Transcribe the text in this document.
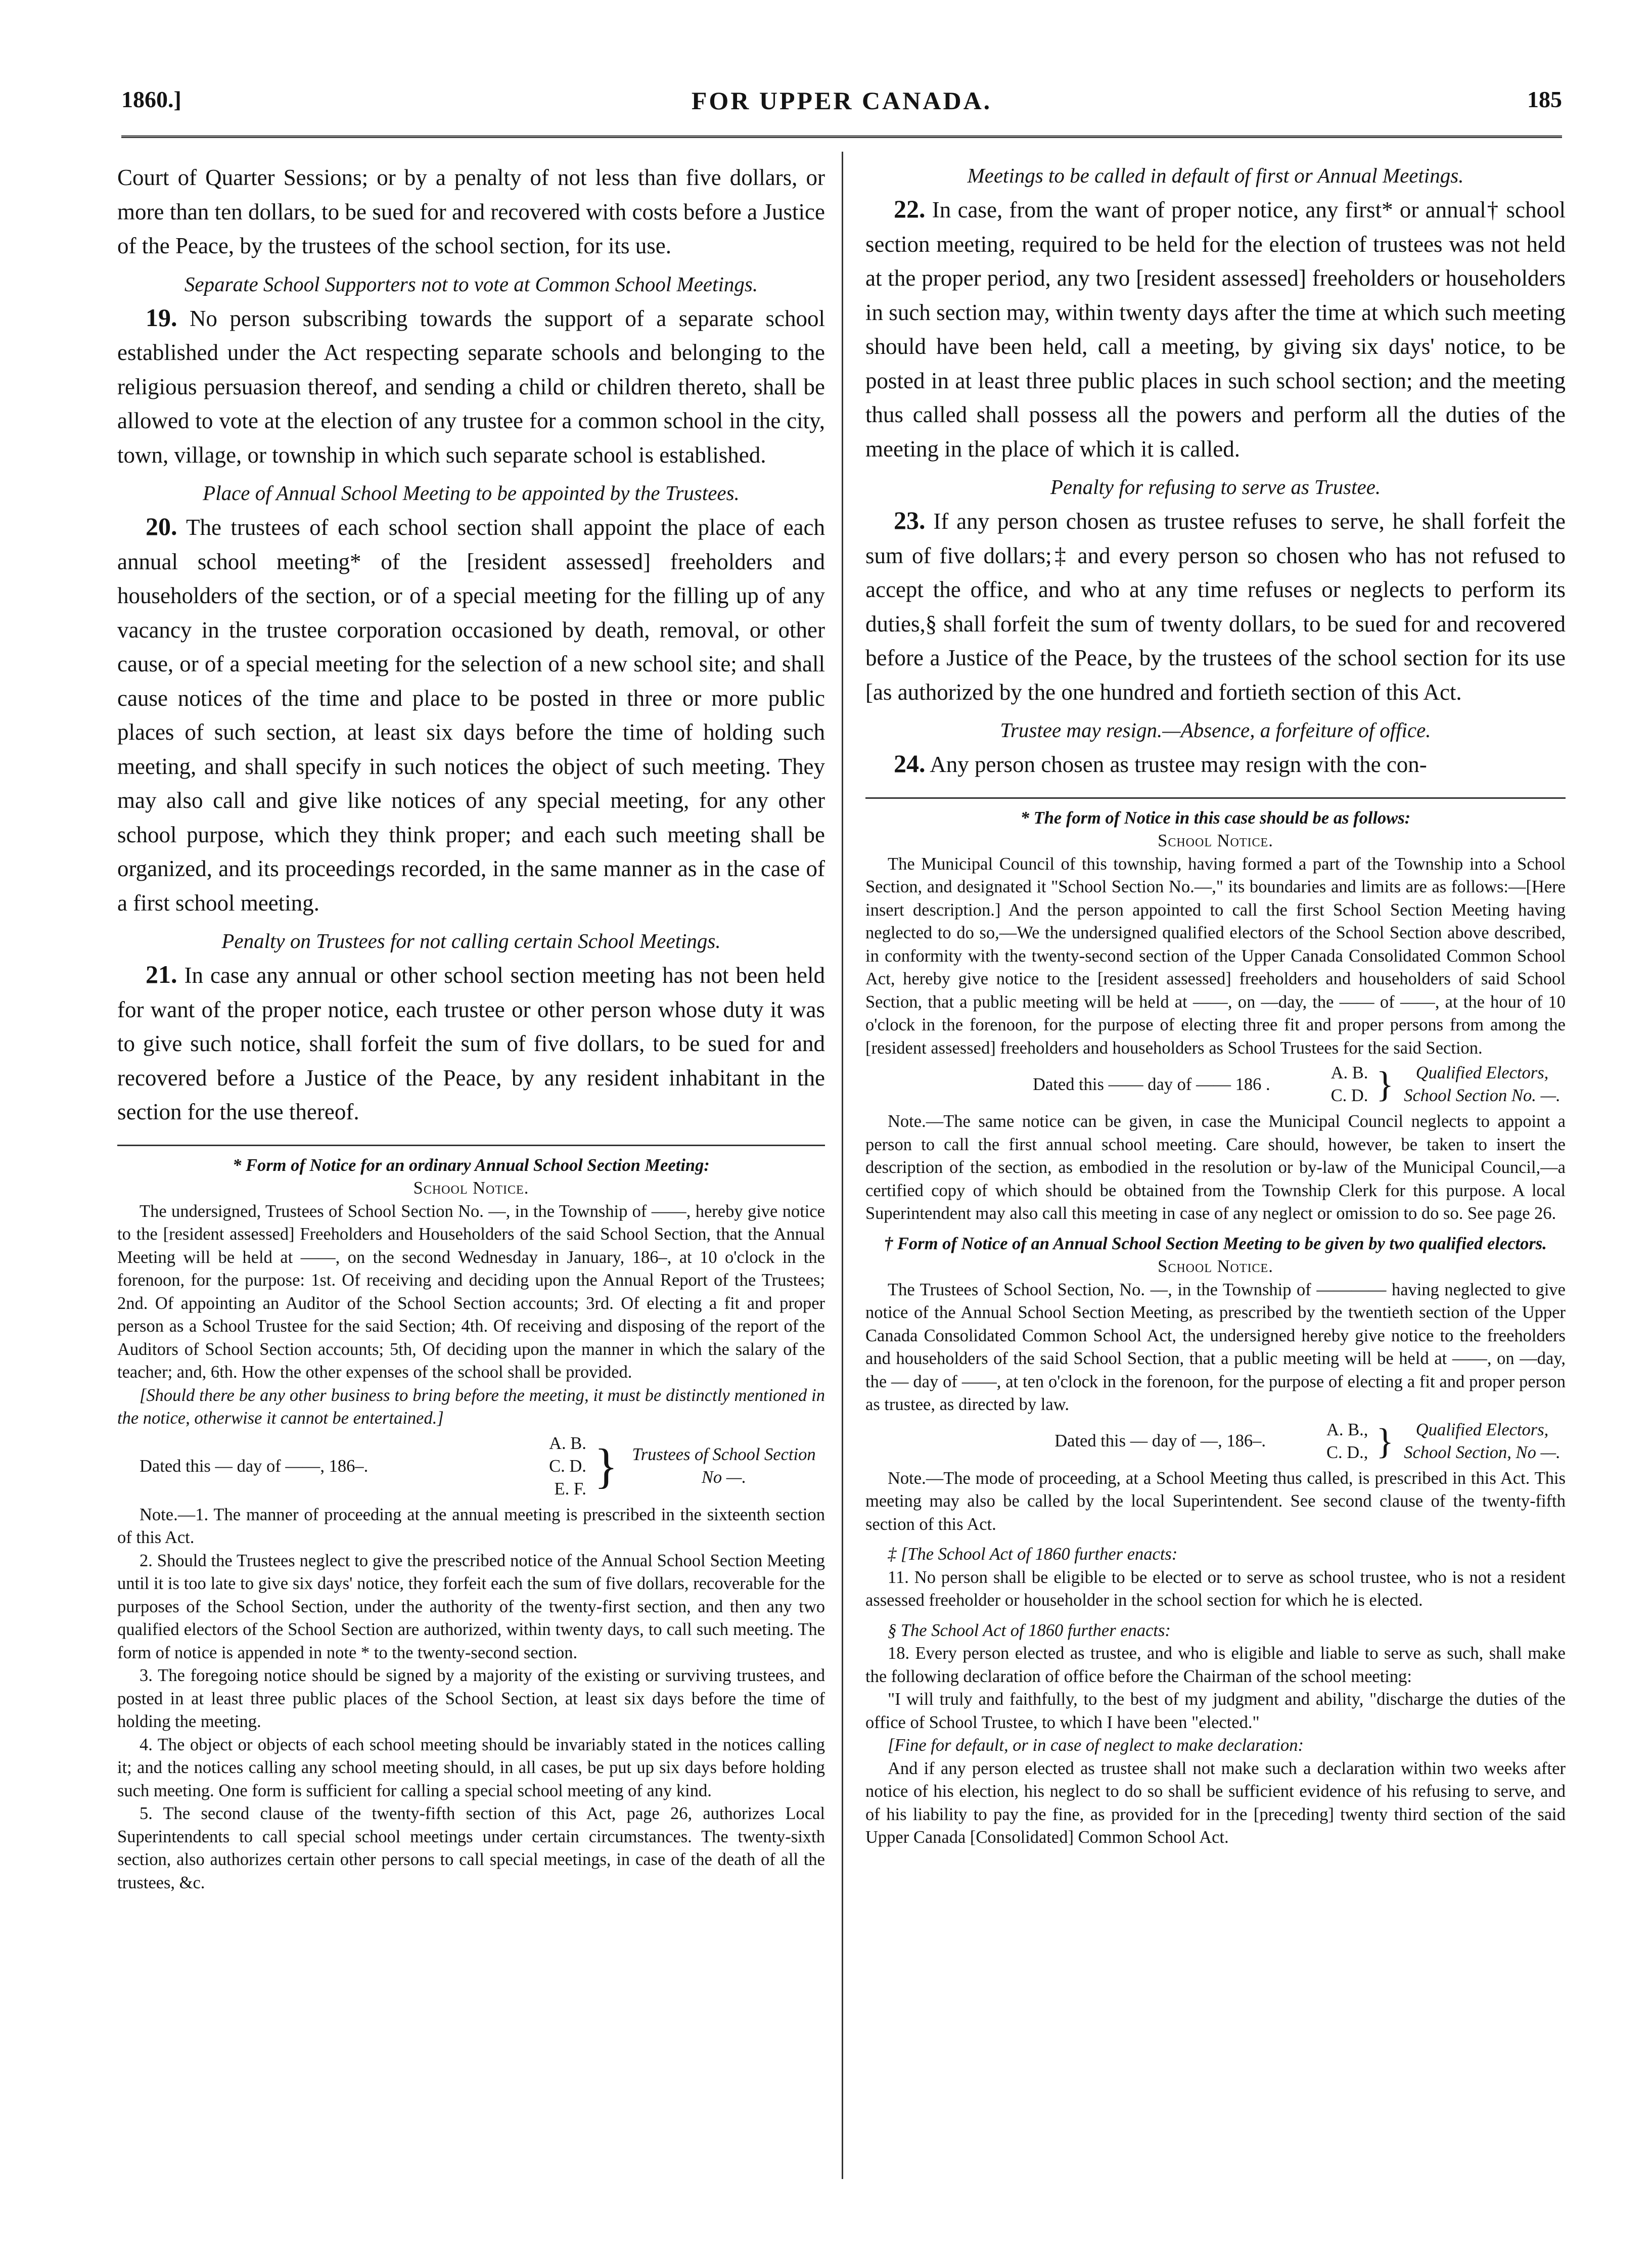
1860.]	FOR UPPER CANADA.	185

Court of Quarter Sessions; or by a penalty of not less than five dollars, or more than ten dollars, to be sued for and recovered with costs before a Justice of the Peace, by the trustees of the school section, for its use.

Separate School Supporters not to vote at Common School Meetings.

19. No person subscribing towards the support of a separate school established under the Act respecting separate schools and belonging to the religious persuasion thereof, and sending a child or children thereto, shall be allowed to vote at the election of any trustee for a common school in the city, town, village, or township in which such separate school is established.

Place of Annual School Meeting to be appointed by the Trustees.

20. The trustees of each school section shall appoint the place of each annual school meeting* of the [resident assessed] freeholders and householders of the section, or of a special meeting for the filling up of any vacancy in the trustee corporation occasioned by death, removal, or other cause, or of a special meeting for the selection of a new school site; and shall cause notices of the time and place to be posted in three or more public places of such section, at least six days before the time of holding such meeting, and shall specify in such notices the object of such meeting. They may also call and give like notices of any special meeting, for any other school purpose, which they think proper; and each such meeting shall be organized, and its proceedings recorded, in the same manner as in the case of a first school meeting.

Penalty on Trustees for not calling certain School Meetings.

21. In case any annual or other school section meeting has not been held for want of the proper notice, each trustee or other person whose duty it was to give such notice, shall forfeit the sum of five dollars, to be sued for and recovered before a Justice of the Peace, by any resident inhabitant in the section for the use thereof.

* Form of Notice for an ordinary Annual School Section Meeting:

School Notice.

The undersigned, Trustees of School Section No. —, in the Township of ——, hereby give notice to the [resident assessed] Freeholders and Householders of the said School Section, that the Annual Meeting will be held at ——, on the second Wednesday in January, 186–, at 10 o'clock in the forenoon, for the purpose: 1st. Of receiving and deciding upon the Annual Report of the Trustees; 2nd. Of appointing an Auditor of the School Section accounts; 3rd. Of electing a fit and proper person as a School Trustee for the said Section; 4th. Of receiving and disposing of the report of the Auditors of School Section accounts; 5th, Of deciding upon the manner in which the salary of the teacher; and, 6th. How the other expenses of the school shall be provided.

[Should there be any other business to bring before the meeting, it must be distinctly mentioned in the notice, otherwise it cannot be entertained.]

Dated this — day of ——, 186–.
A. B.
C. D.
E. F. } Trustees of School Section No —.

Note.—1. The manner of proceeding at the annual meeting is prescribed in the sixteenth section of this Act.

2. Should the Trustees neglect to give the prescribed notice of the Annual School Section Meeting until it is too late to give six days' notice, they forfeit each the sum of five dollars, recoverable for the purposes of the School Section, under the authority of the twenty-first section, and then any two qualified electors of the School Section are authorized, within twenty days, to call such meeting. The form of notice is appended in note * to the twenty-second section.

3. The foregoing notice should be signed by a majority of the existing or surviving trustees, and posted in at least three public places of the School Section, at least six days before the time of holding the meeting.

4. The object or objects of each school meeting should be invariably stated in the notices calling it; and the notices calling any school meeting should, in all cases, be put up six days before holding such meeting. One form is sufficient for calling a special school meeting of any kind.

5. The second clause of the twenty-fifth section of this Act, page 26, authorizes Local Superintendents to call special school meetings under certain circumstances. The twenty-sixth section, also authorizes certain other persons to call special meetings, in case of the death of all the trustees, &c.

Meetings to be called in default of first or Annual Meetings.

22. In case, from the want of proper notice, any first* or annual† school section meeting, required to be held for the election of trustees was not held at the proper period, any two [resident assessed] freeholders or householders in such section may, within twenty days after the time at which such meeting should have been held, call a meeting, by giving six days' notice, to be posted in at least three public places in such school section; and the meeting thus called shall possess all the powers and perform all the duties of the meeting in the place of which it is called.

Penalty for refusing to serve as Trustee.

23. If any person chosen as trustee refuses to serve, he shall forfeit the sum of five dollars;‡ and every person so chosen who has not refused to accept the office, and who at any time refuses or neglects to perform its duties,§ shall forfeit the sum of twenty dollars, to be sued for and recovered before a Justice of the Peace, by the trustees of the school section for its use [as authorized by the one hundred and fortieth section of this Act.

Trustee may resign.—Absence, a forfeiture of office.

24. Any person chosen as trustee may resign with the con-

* The form of Notice in this case should be as follows:

School Notice.

The Municipal Council of this township, having formed a part of the Township into a School Section, and designated it "School Section No.—," its boundaries and limits are as follows:—[Here insert description.] And the person appointed to call the first School Section Meeting having neglected to do so,—We the undersigned qualified electors of the School Section above described, in conformity with the twenty-second section of the Upper Canada Consolidated Common School Act, hereby give notice to the [resident assessed] freeholders and householders of said School Section, that a public meeting will be held at ——, on —day, the —— of ——, at the hour of 10 o'clock in the forenoon, for the purpose of electing three fit and proper persons from among the [resident assessed] freeholders and householders as School Trustees for the said Section.

Dated this —— day of —— 186 .
A. B.
C. D. }	Qualified Electors, School Section No. —.

Note.—The same notice can be given, in case the Municipal Council neglects to appoint a person to call the first annual school meeting. Care should, however, be taken to insert the description of the section, as embodied in the resolution or by-law of the Municipal Council,—a certified copy of which should be obtained from the Township Clerk for this purpose. A local Superintendent may also call this meeting in case of any neglect or omission to do so. See page 26.

† Form of Notice of an Annual School Section Meeting to be given by two qualified electors.

School Notice.

The Trustees of School Section, No. —, in the Township of ———— having neglected to give notice of the Annual School Section Meeting, as prescribed by the twentieth section of the Upper Canada Consolidated Common School Act, the undersigned hereby give notice to the freeholders and householders of the said School Section, that a public meeting will be held at ——, on —day, the — day of ——, at ten o'clock in the forenoon, for the purpose of electing a fit and proper person as trustee, as directed by law.

Dated this — day of —, 186–.
A. B.,
C. D., }	Qualified Electors, School Section, No —.

Note.—The mode of proceeding, at a School Meeting thus called, is prescribed in this Act. This meeting may also be called by the local Superintendent. See second clause of the twenty-fifth section of this Act.

‡ [The School Act of 1860 further enacts:

11. No person shall be eligible to be elected or to serve as school trustee, who is not a resident assessed freeholder or householder in the school section for which he is elected.

§ The School Act of 1860 further enacts:

18. Every person elected as trustee, and who is eligible and liable to serve as such, shall make the following declaration of office before the Chairman of the school meeting:

"I will truly and faithfully, to the best of my judgment and ability, "discharge the duties of the office of School Trustee, to which I have been "elected."

[Fine for default, or in case of neglect to make declaration:

And if any person elected as trustee shall not make such a declaration within two weeks after notice of his election, his neglect to do so shall be sufficient evidence of his refusing to serve, and of his liability to pay the fine, as provided for in the [preceding] twenty third section of the said Upper Canada [Consolidated] Common School Act.
